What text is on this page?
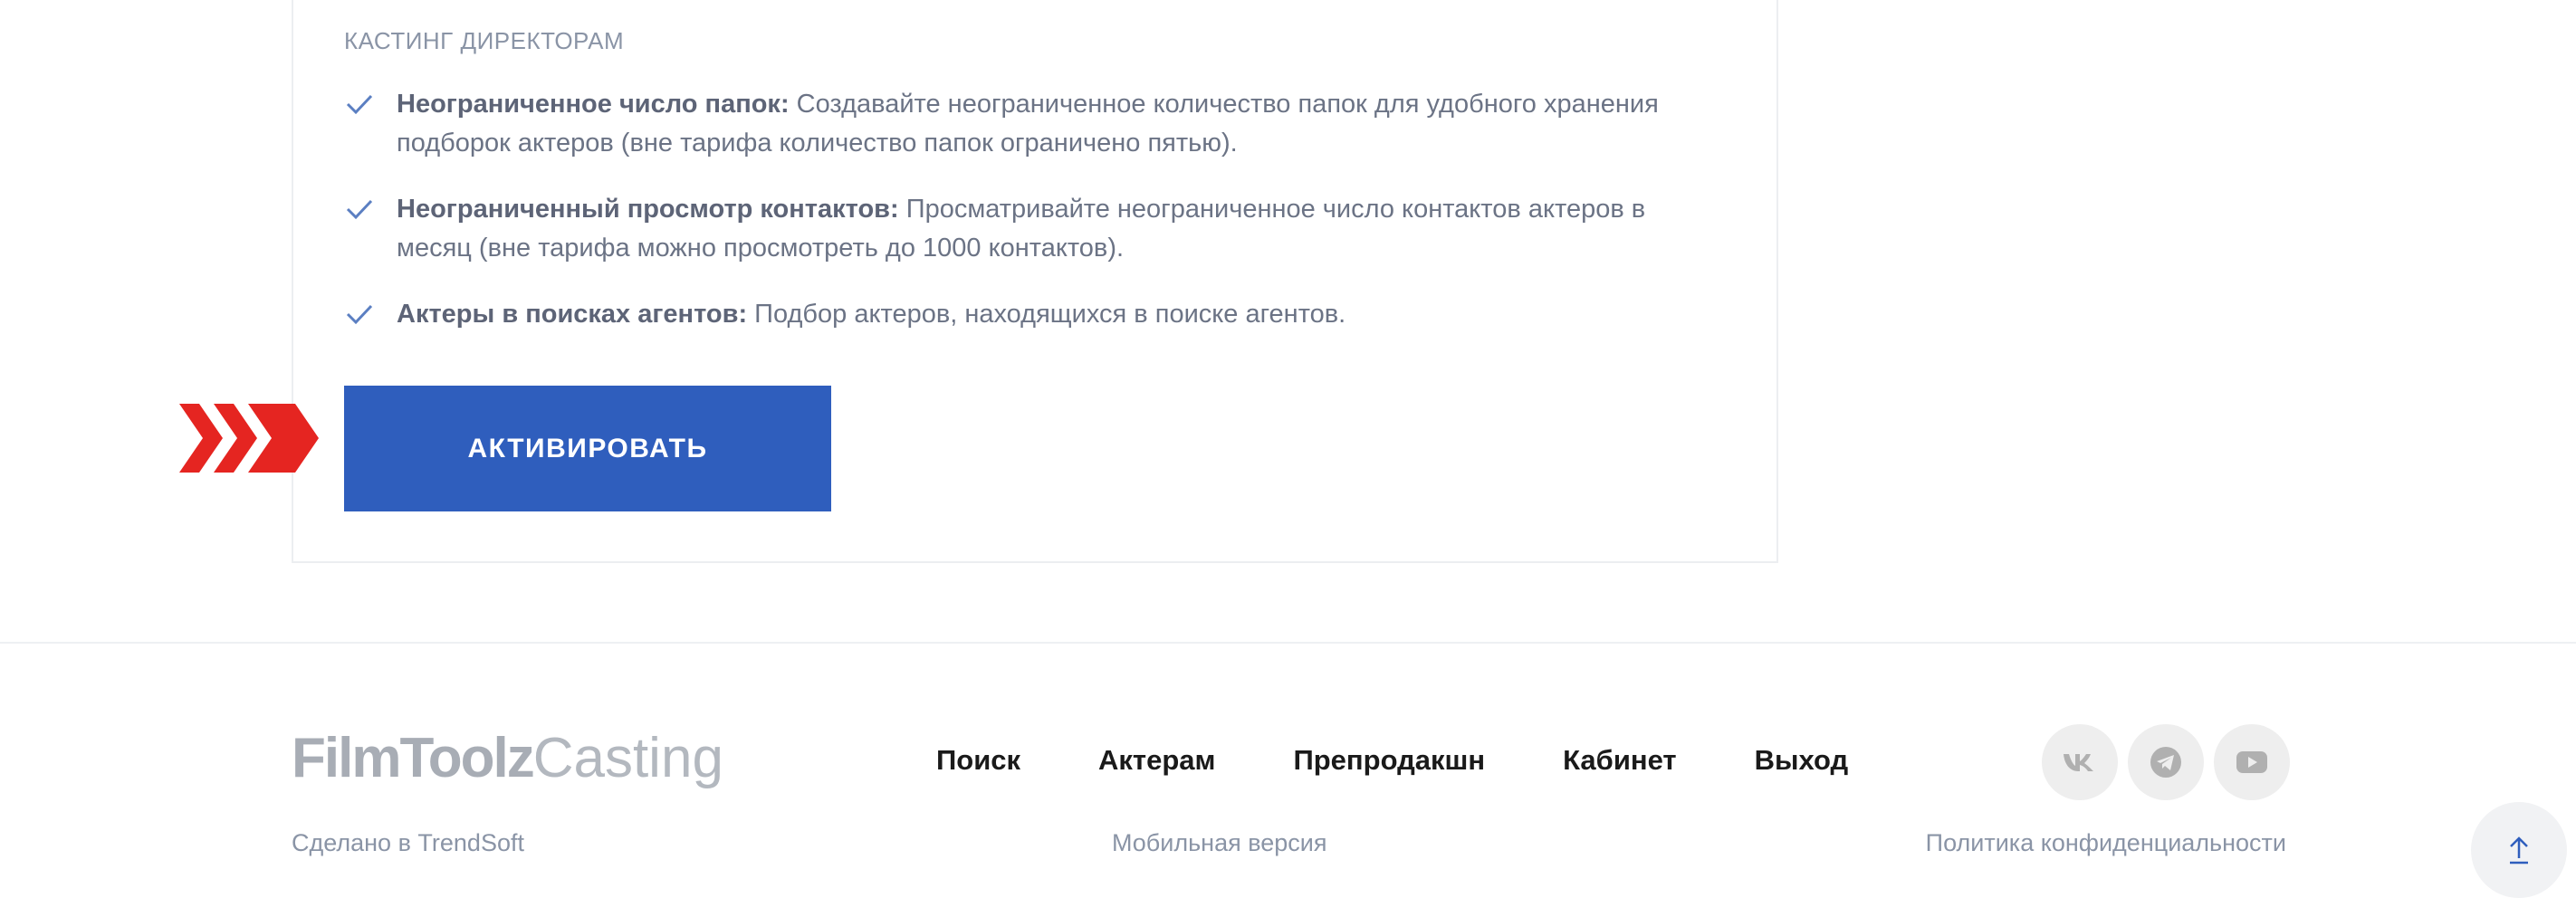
КАСТИНГ ДИРЕКТОРАМ
Неограниченное число папок: Создавайте неограниченное количество папок для удобного хранения подборок актеров (вне тарифа количество папок ограничено пятью).
Неограниченный просмотр контактов: Просматривайте неограниченное число контактов актеров в месяц (вне тарифа можно просмотреть до 1000 контактов).
Актеры в поисках агентов: Подбор актеров, находящихся в поиске агентов.
АКТИВИРОВАТЬ
FilmToolz Casting	Поиск	Актерам	Препродакшн	Кабинет	Выход
Сделано в TrendSoft	Мобильная версия	Политика конфиденциальности
